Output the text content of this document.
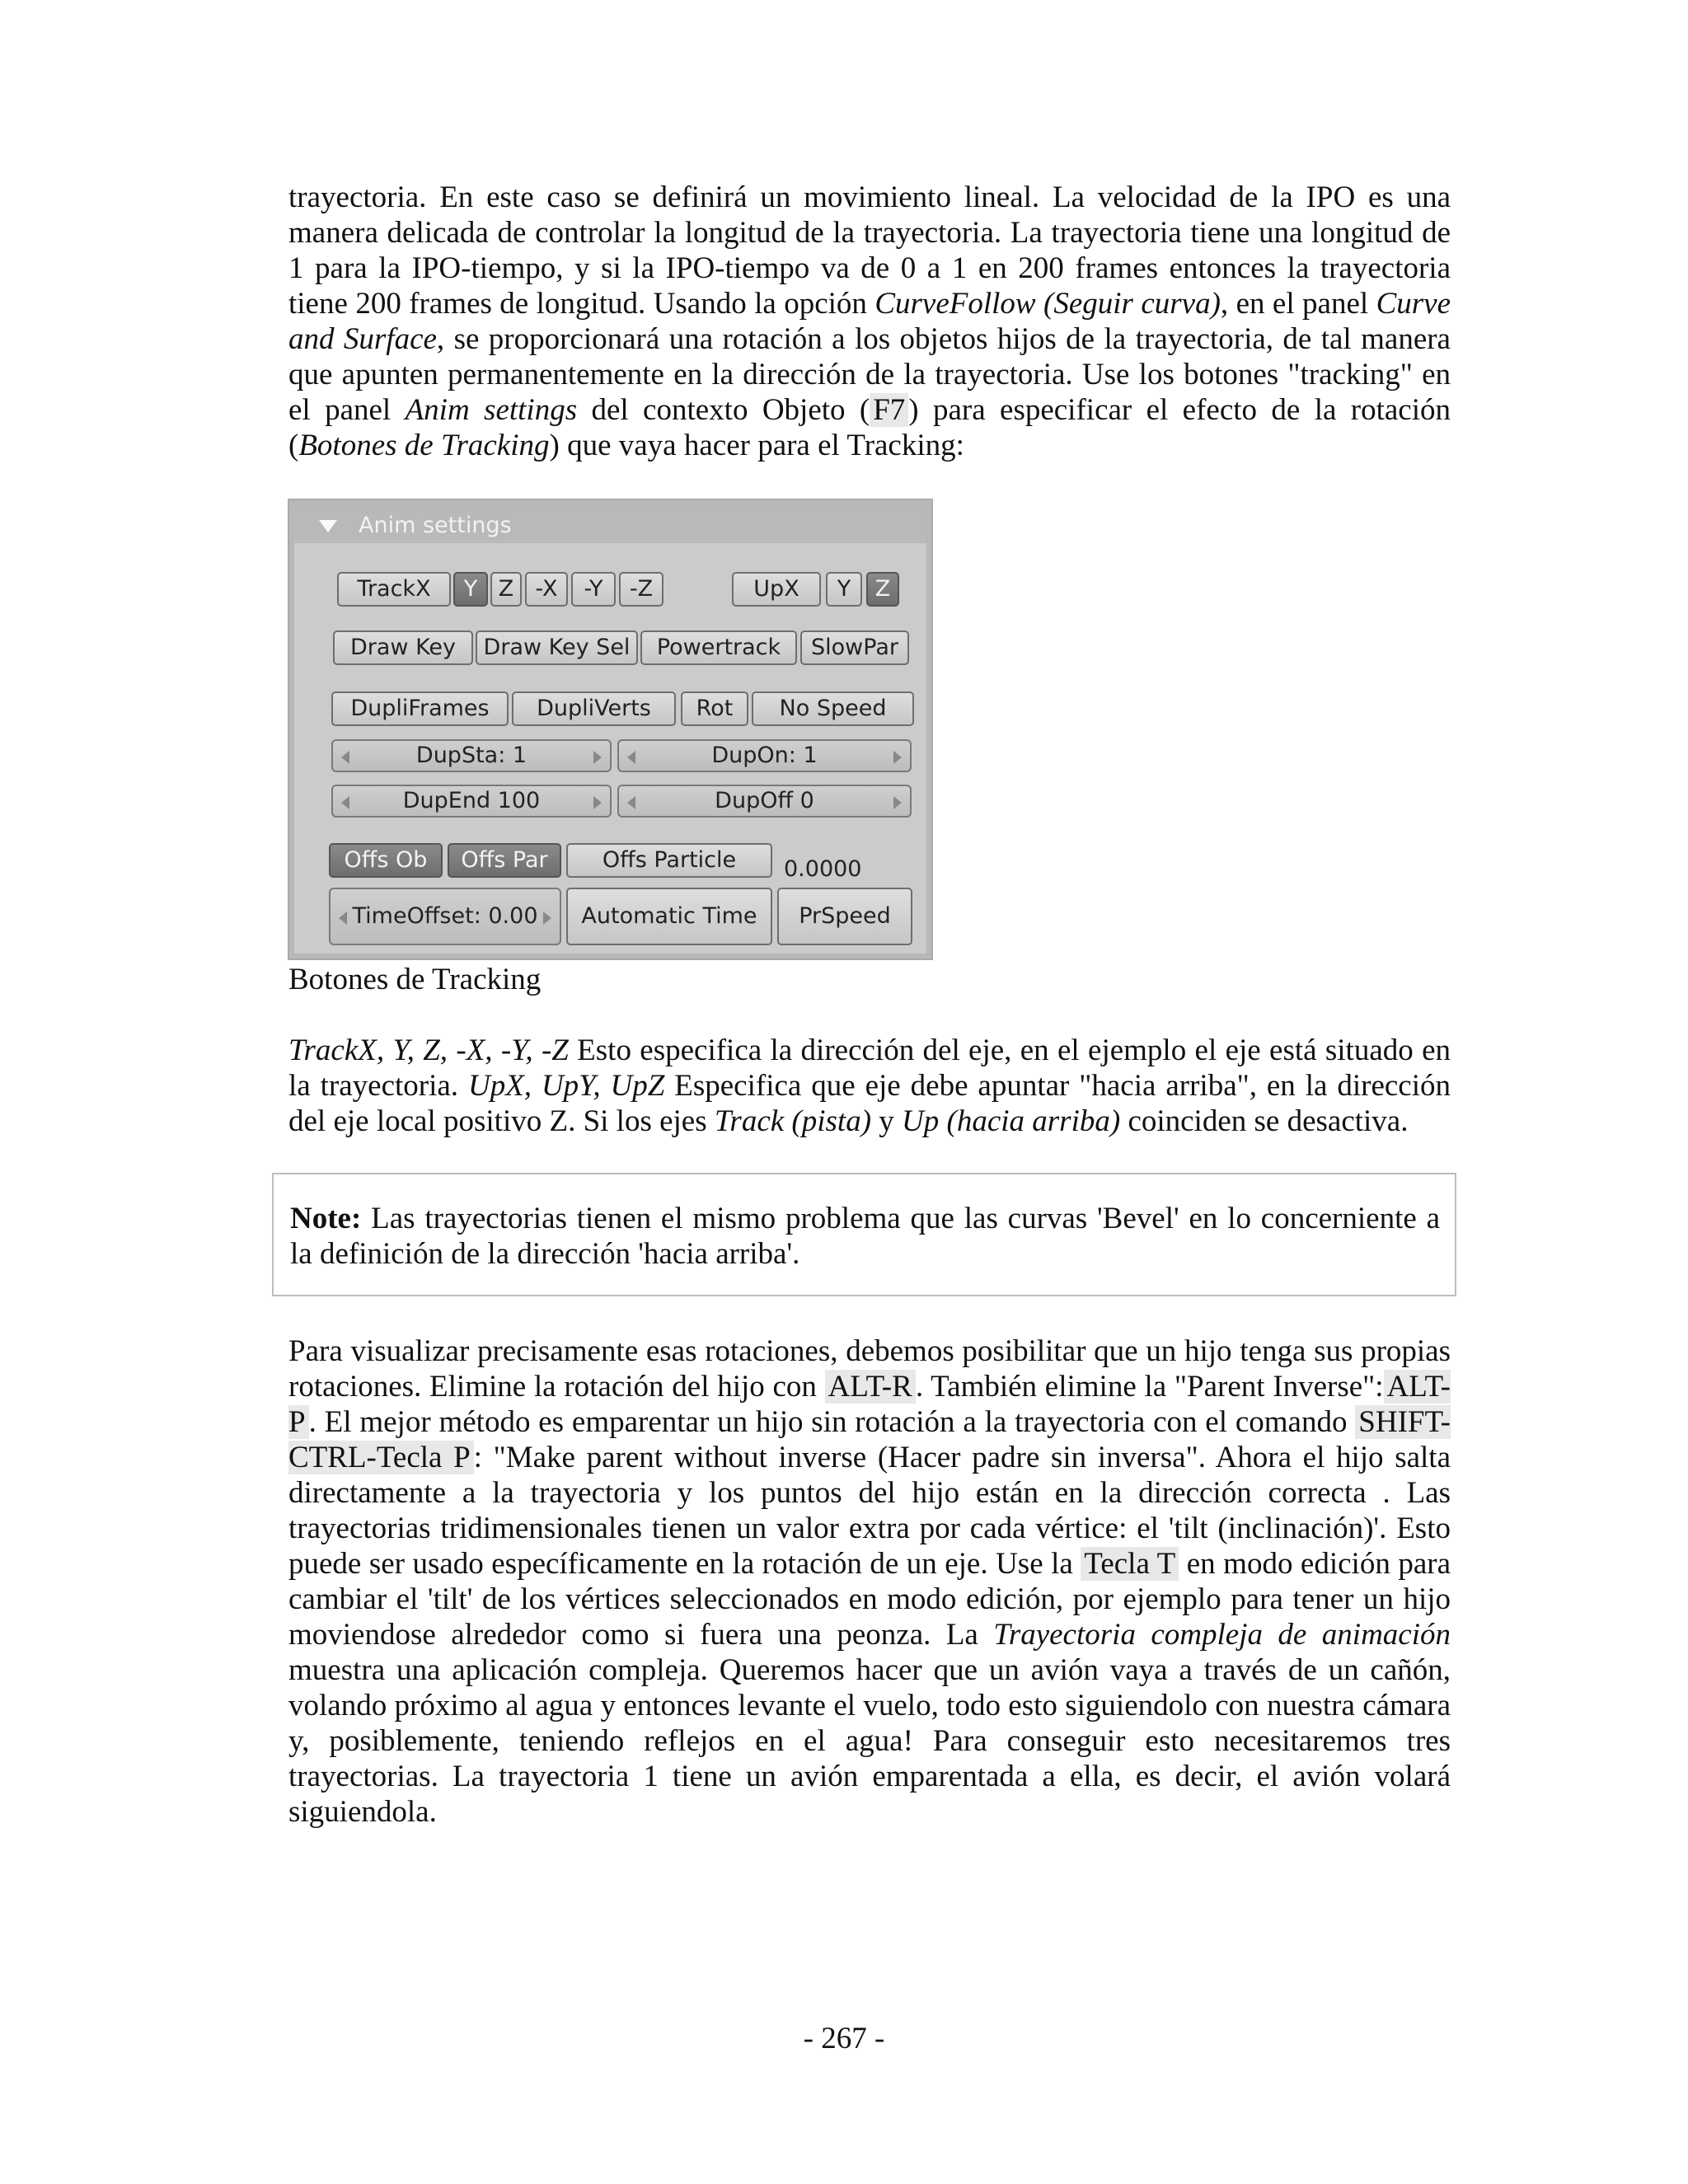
trayectoria. En este caso se definirá un movimiento lineal. La velocidad de la IPO es una manera delicada de controlar la longitud de la trayectoria. La trayectoria tiene una longitud de 1 para la IPO-tiempo, y si la IPO-tiempo va de 0 a 1 en 200 frames entonces la trayectoria tiene 200 frames de longitud. Usando la opción CurveFollow (Seguir curva), en el panel Curve and Surface, se proporcionará una rotación a los objetos hijos de la trayectoria, de tal manera que apunten permanentemente en la dirección de la trayectoria. Use los botones "tracking" en el panel Anim settings del contexto Objeto ( F7 ) para especificar el efecto de la rotación (Botones de Tracking) que vaya hacer para el Tracking:

Anim settings
TrackX	Y Z -X	-Y	-Z	UpX	Y	Z
Draw Key	Draw Key Sel	Powertrack	SlowPar
DupliFrames	DupliVerts	Rot	No Speed
DupSta: 1	DupOn: 1
DupEnd 100	DupOff 0
Offs Ob	Offs Par	Offs Particle	0.0000
TimeOffset: 0.00	Automatic Time	PrSpeed

Botones de Tracking

TrackX, Y, Z, -X, -Y, -Z Esto especifica la dirección del eje, en el ejemplo el eje está situado en la trayectoria. UpX, UpY, UpZ Especifica que eje debe apuntar "hacia arriba", en la dirección del eje local positivo Z. Si los ejes Track (pista) y Up (hacia arriba) coinciden se desactiva.

Note: Las trayectorias tienen el mismo problema que las curvas 'Bevel' en lo concerniente a la definición de la dirección 'hacia arriba'.

Para visualizar precisamente esas rotaciones, debemos posibilitar que un hijo tenga sus propias rotaciones. Elimine la rotación del hijo con ALT-R . También elimine la "Parent Inverse": ALT-P . El mejor método es emparentar un hijo sin rotación a la trayectoria con el comando SHIFT-CTRL-Tecla P : "Make parent without inverse (Hacer padre sin inversa". Ahora el hijo salta directamente a la trayectoria y los puntos del hijo están en la dirección correcta . Las trayectorias tridimensionales tienen un valor extra por cada vértice: el 'tilt (inclinación)'. Esto puede ser usado específicamente en la rotación de un eje. Use la Tecla T en modo edición para cambiar el 'tilt' de los vértices seleccionados en modo edición, por ejemplo para tener un hijo moviendose alrededor como si fuera una peonza. La Trayectoria compleja de animación muestra una aplicación compleja. Queremos hacer que un avión vaya a través de un cañón, volando próximo al agua y entonces levante el vuelo, todo esto siguiendolo con nuestra cámara y, posiblemente, teniendo reflejos en el agua! Para conseguir esto necesitaremos tres trayectorias. La trayectoria 1 tiene un avión emparentada a ella, es decir, el avión volará siguiendola.

- 267 -
